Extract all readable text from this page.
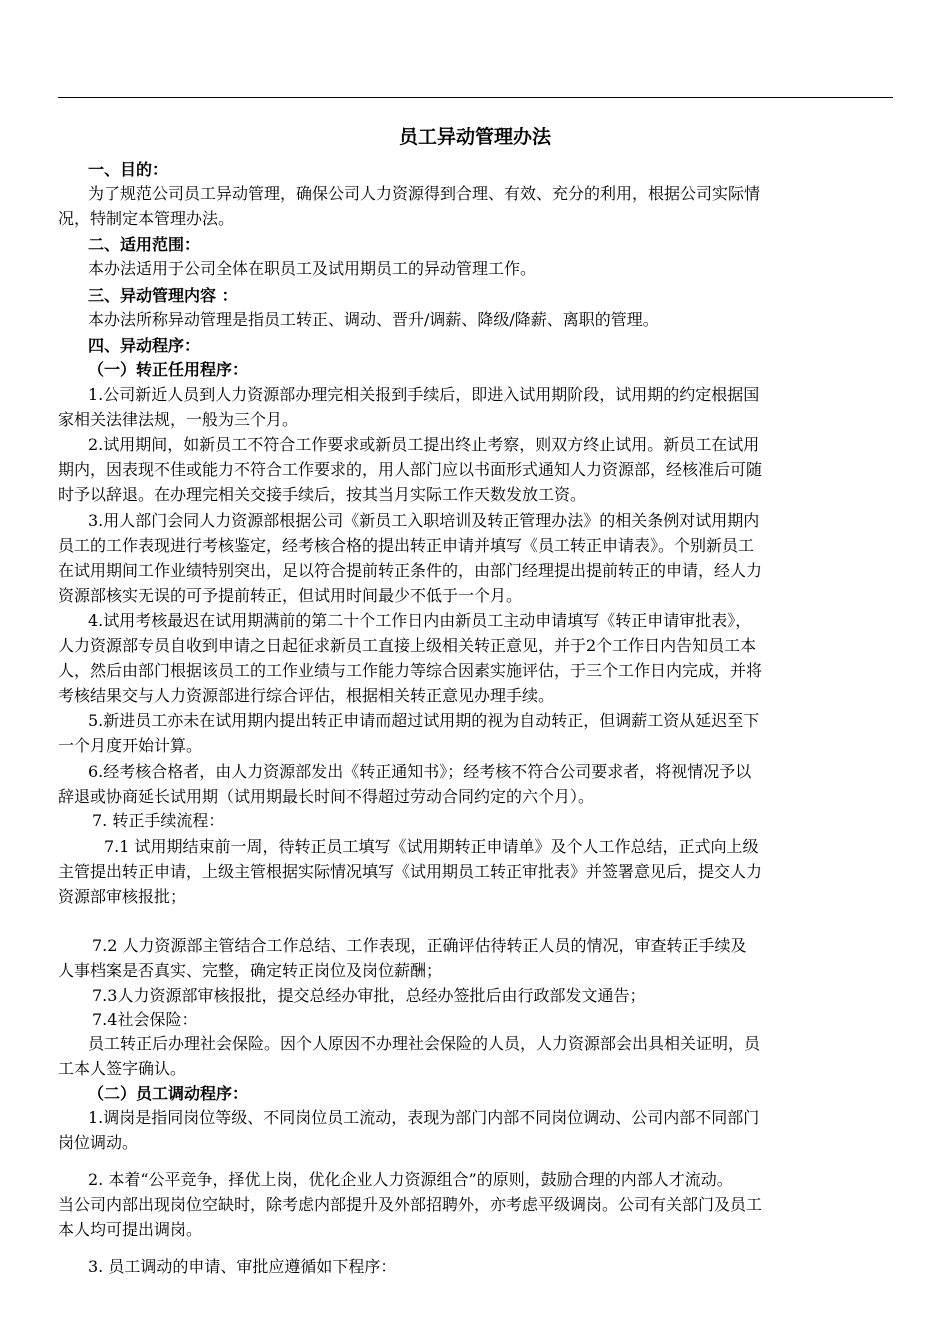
员工异动管理办法
一、目的：
为了规范公司员工异动管理，确保公司人力资源得到合理、有效、充分的利用，根据公司实际情
况，特制定本管理办法。
二、适用范围：
本办法适用于公司全体在职员工及试用期员工的异动管理工作。
三、异动管理内容 ：
本办法所称异动管理是指员工转正、调动、晋升/调薪、降级/降薪、离职的管理。
四、异动程序：
（一）转正任用程序：
1.公司新近人员到人力资源部办理完相关报到手续后，即进入试用期阶段，试用期的约定根据国
家相关法律法规，一般为三个月。
2.试用期间，如新员工不符合工作要求或新员工提出终止考察，则双方终止试用。新员工在试用
期内，因表现不佳或能力不符合工作要求的，用人部门应以书面形式通知人力资源部，经核准后可随
时予以辞退。在办理完相关交接手续后，按其当月实际工作天数发放工资。
3.用人部门会同人力资源部根据公司《新员工入职培训及转正管理办法》的相关条例对试用期内
员工的工作表现进行考核鉴定，经考核合格的提出转正申请并填写《员工转正申请表》。个别新员工
在试用期间工作业绩特别突出，足以符合提前转正条件的，由部门经理提出提前转正的申请，经人力
资源部核实无误的可予提前转正，但试用时间最少不低于一个月。
4.试用考核最迟在试用期满前的第二十个工作日内由新员工主动申请填写《转正申请审批表》，
人力资源部专员自收到申请之日起征求新员工直接上级相关转正意见，并于2个工作日内告知员工本
人，然后由部门根据该员工的工作业绩与工作能力等综合因素实施评估，于三个工作日内完成，并将
考核结果交与人力资源部进行综合评估，根据相关转正意见办理手续。
5.新进员工亦未在试用期内提出转正申请而超过试用期的视为自动转正，但调薪工资从延迟至下
一个月度开始计算。
6.经考核合格者，由人力资源部发出《转正通知书》；经考核不符合公司要求者，将视情况予以
辞退或协商延长试用期（试用期最长时间不得超过劳动合同约定的六个月）。
7. 转正手续流程：
7.1 试用期结束前一周，待转正员工填写《试用期转正申请单》及个人工作总结，正式向上级
主管提出转正申请，上级主管根据实际情况填写《试用期员工转正审批表》并签署意见后，提交人力
资源部审核报批；
7.2 人力资源部主管结合工作总结、工作表现，正确评估待转正人员的情况，审查转正手续及
人事档案是否真实、完整，确定转正岗位及岗位薪酬；
7.3人力资源部审核报批，提交总经办审批，总经办签批后由行政部发文通告；
7.4社会保险：
员工转正后办理社会保险。因个人原因不办理社会保险的人员，人力资源部会出具相关证明，员
工本人签字确认。
（二）员工调动程序：
1.调岗是指同岗位等级、不同岗位员工流动，表现为部门内部不同岗位调动、公司内部不同部门
岗位调动。
2. 本着“公平竞争，择优上岗，优化企业人力资源组合”的原则，鼓励合理的内部人才流动。
当公司内部出现岗位空缺时，除考虑内部提升及外部招聘外，亦考虑平级调岗。公司有关部门及员工
本人均可提出调岗。
3. 员工调动的申请、审批应遵循如下程序：
